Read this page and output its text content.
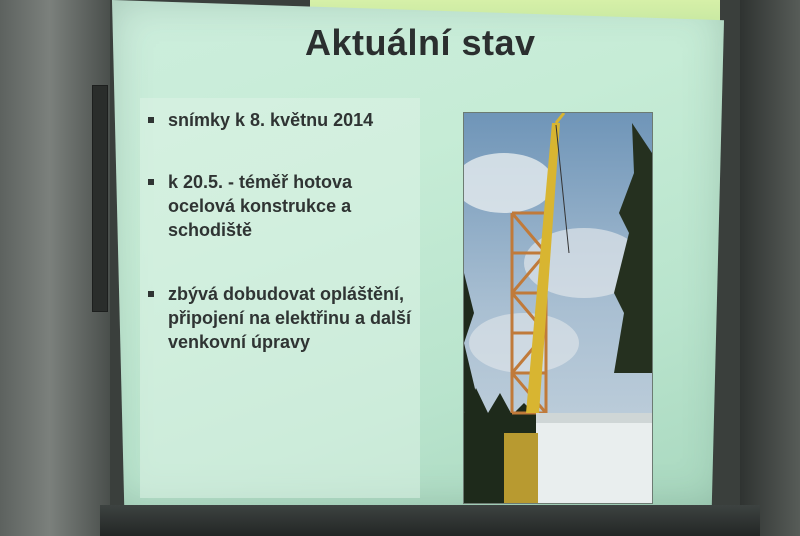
Aktuální stav
snímky k 8. květnu 2014
k 20.5. - téměř hotova ocelová konstrukce a schodiště
zbývá dobudovat opláštění, připojení na elektřinu a další venkovní úpravy
